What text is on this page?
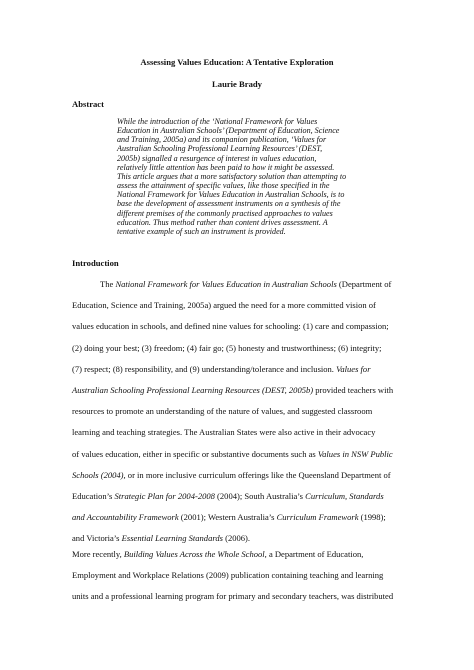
Assessing Values Education: A Tentative Exploration
Laurie Brady
Abstract
While the introduction of the ‘National Framework for Values
Education in Australian Schools’ (Department of Education, Science
and Training, 2005a) and its companion publication, ‘Values for
Australian Schooling Professional Learning Resources’ (DEST,
2005b) signalled a resurgence of interest in values education,
relatively little attention has been paid to how it might be assessed.
This article argues that a more satisfactory solution than attempting to
assess the attainment of specific values, like those specified in the
National Framework for Values Education in Australian Schools, is to
base the development of assessment instruments on a synthesis of the
different premises of the commonly practised approaches to values
education. Thus method rather than content drives assessment. A
tentative example of such an instrument is provided.
Introduction
The National Framework for Values Education in Australian Schools (Department of
Education, Science and Training, 2005a) argued the need for a more committed vision of
values education in schools, and defined nine values for schooling: (1) care and compassion;
(2) doing your best; (3) freedom; (4) fair go; (5) honesty and trustworthiness; (6) integrity;
(7) respect; (8) responsibility, and (9) understanding/tolerance and inclusion. Values for
Australian Schooling Professional Learning Resources (DEST, 2005b) provided teachers with
resources to promote an understanding of the nature of values, and suggested classroom
learning and teaching strategies. The Australian States were also active in their advocacy
of values education, either in specific or substantive documents such as Values in NSW Public
Schools (2004), or in more inclusive curriculum offerings like the Queensland Department of
Education’s Strategic Plan for 2004-2008 (2004); South Australia’s Curriculum, Standards
and Accountability Framework (2001); Western Australia’s Curriculum Framework (1998);
and Victoria’s Essential Learning Standards (2006).
More recently, Building Values Across the Whole School, a Department of Education,
Employment and Workplace Relations (2009) publication containing teaching and learning
units and a professional learning program for primary and secondary teachers, was distributed
